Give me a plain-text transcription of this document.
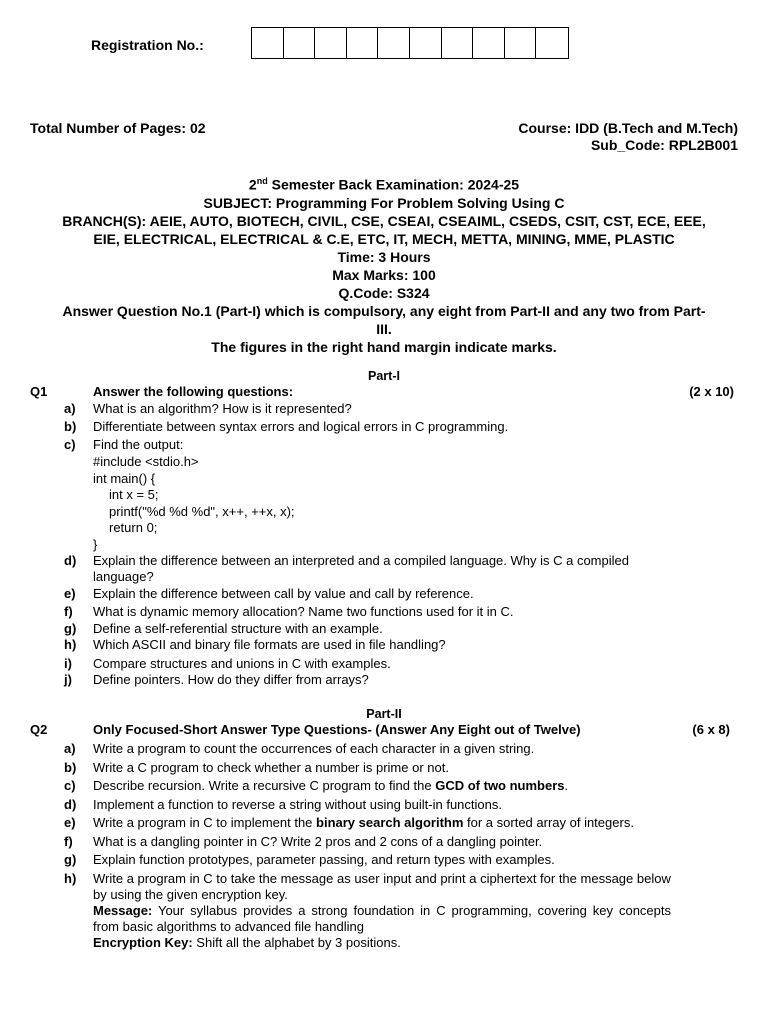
Registration No.:
Total Number of Pages: 02	Course: IDD (B.Tech and M.Tech)
Sub_Code: RPL2B001
2nd Semester Back Examination: 2024-25
SUBJECT: Programming For Problem Solving Using C
BRANCH(S): AEIE, AUTO, BIOTECH, CIVIL, CSE, CSEAI, CSEAIML, CSEDS, CSIT, CST, ECE, EEE,
EIE, ELECTRICAL, ELECTRICAL & C.E, ETC, IT, MECH, METTA, MINING, MME, PLASTIC
Time: 3 Hours
Max Marks: 100
Q.Code: S324
Answer Question No.1 (Part-I) which is compulsory, any eight from Part-II and any two from Part-
III.
The figures in the right hand margin indicate marks.
Part-I
Q1	Answer the following questions:	(2 x 10)
a) What is an algorithm? How is it represented?
b) Differentiate between syntax errors and logical errors in C programming.
c) Find the output:
#include <stdio.h>
int main() {
int x = 5;
printf("%d %d %d", x++, ++x, x);
return 0;
}
d) Explain the difference between an interpreted and a compiled language. Why is C a compiled language?
e) Explain the difference between call by value and call by reference.
f) What is dynamic memory allocation? Name two functions used for it in C.
g) Define a self-referential structure with an example.
h) Which ASCII and binary file formats are used in file handling?
i) Compare structures and unions in C with examples.
j) Define pointers. How do they differ from arrays?
Part-II
Q2	Only Focused-Short Answer Type Questions- (Answer Any Eight out of Twelve)	(6 x 8)
a) Write a program to count the occurrences of each character in a given string.
b) Write a C program to check whether a number is prime or not.
c) Describe recursion. Write a recursive C program to find the GCD of two numbers.
d) Implement a function to reverse a string without using built-in functions.
e) Write a program in C to implement the binary search algorithm for a sorted array of integers.
f) What is a dangling pointer in C? Write 2 pros and 2 cons of a dangling pointer.
g) Explain function prototypes, parameter passing, and return types with examples.
h) Write a program in C to take the message as user input and print a ciphertext for the message below by using the given encryption key.
Message: Your syllabus provides a strong foundation in C programming, covering key concepts from basic algorithms to advanced file handling
Encryption Key: Shift all the alphabet by 3 positions.
